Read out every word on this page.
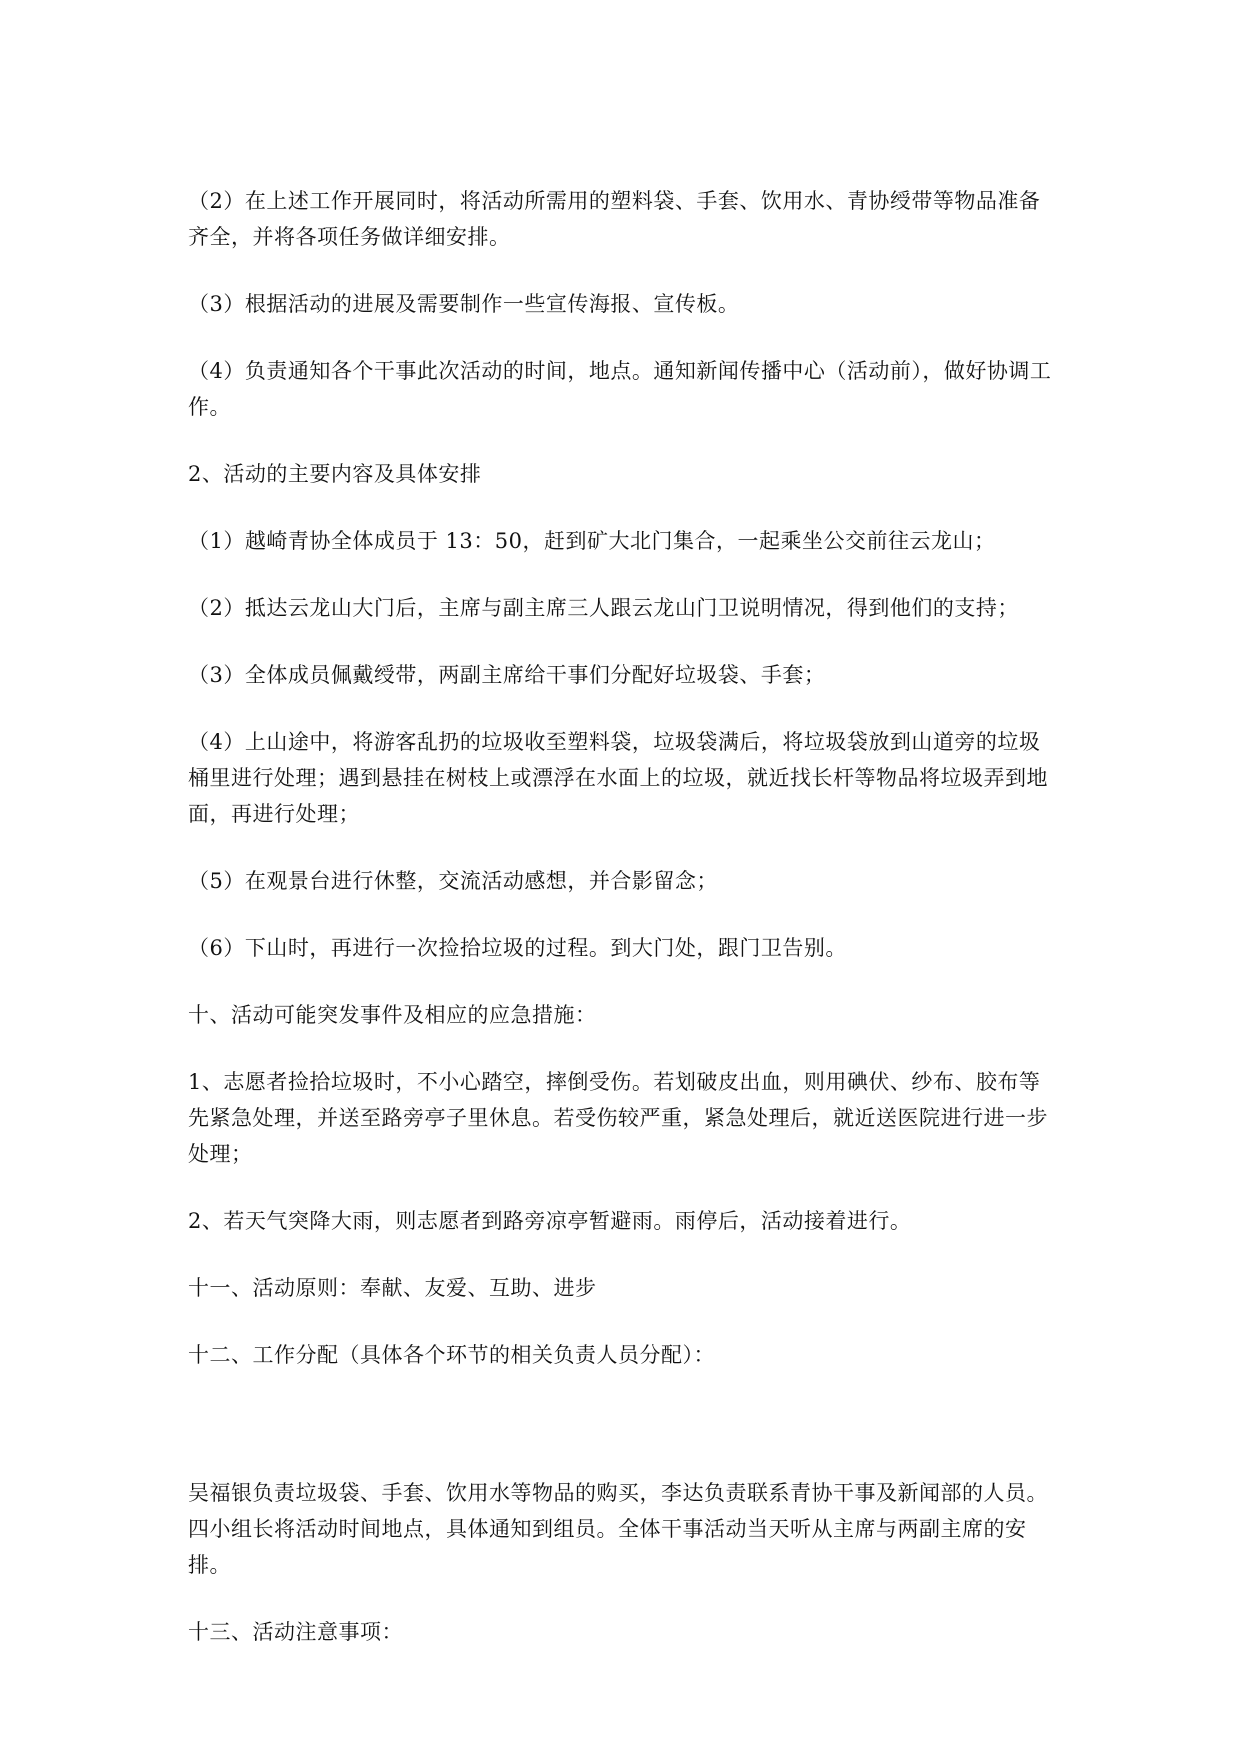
（2）在上述工作开展同时，将活动所需用的塑料袋、手套、饮用水、青协绶带等物品准备齐全，并将各项任务做详细安排。

（3）根据活动的进展及需要制作一些宣传海报、宣传板。

（4）负责通知各个干事此次活动的时间，地点。通知新闻传播中心（活动前），做好协调工作。

2、活动的主要内容及具体安排

（1）越崎青协全体成员于 13：50，赶到矿大北门集合，一起乘坐公交前往云龙山；

（2）抵达云龙山大门后，主席与副主席三人跟云龙山门卫说明情况，得到他们的支持；

（3）全体成员佩戴绶带，两副主席给干事们分配好垃圾袋、手套；

（4）上山途中，将游客乱扔的垃圾收至塑料袋，垃圾袋满后，将垃圾袋放到山道旁的垃圾桶里进行处理；遇到悬挂在树枝上或漂浮在水面上的垃圾，就近找长杆等物品将垃圾弄到地面，再进行处理；

（5）在观景台进行休整，交流活动感想，并合影留念；

（6）下山时，再进行一次捡拾垃圾的过程。到大门处，跟门卫告别。

十、活动可能突发事件及相应的应急措施：

1、志愿者捡拾垃圾时，不小心踏空，摔倒受伤。若划破皮出血，则用碘伏、纱布、胶布等先紧急处理，并送至路旁亭子里休息。若受伤较严重，紧急处理后，就近送医院进行进一步处理；

2、若天气突降大雨，则志愿者到路旁凉亭暂避雨。雨停后，活动接着进行。

十一、活动原则：奉献、友爱、互助、进步

十二、工作分配（具体各个环节的相关负责人员分配）：

吴福银负责垃圾袋、手套、饮用水等物品的购买，李达负责联系青协干事及新闻部的人员。四小组长将活动时间地点，具体通知到组员。全体干事活动当天听从主席与两副主席的安排。

十三、活动注意事项：
